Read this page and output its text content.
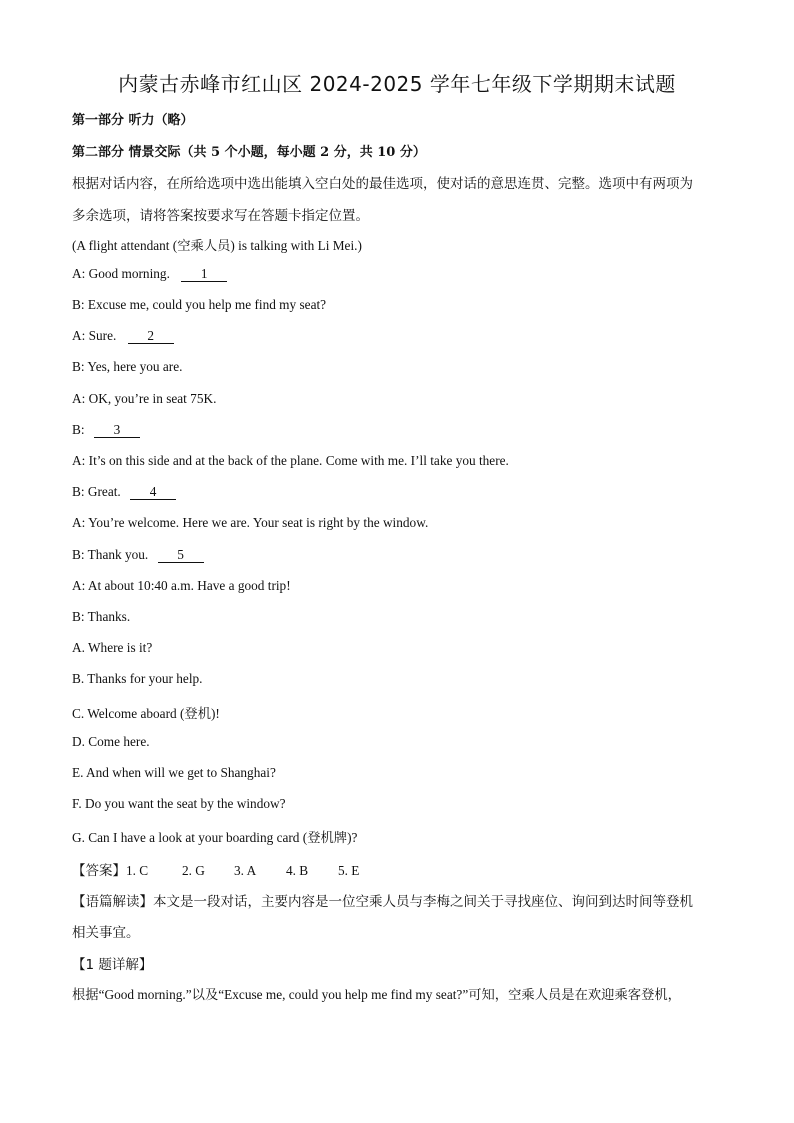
内蒙古赤峰市红山区 2024-2025 学年七年级下学期期末试题
第一部分 听力（略）
第二部分 情景交际（共 5 个小题，每小题 2 分，共 10 分）
根据对话内容，在所给选项中选出能填入空白处的最佳选项，使对话的意思连贯、完整。选项中有两项为
多余选项，请将答案按要求写在答题卡指定位置。
(A flight attendant (空乘人员) is talking with Li Mei.)
A: Good morning. 1
B: Excuse me, could you help me find my seat?
A: Sure. 2
B: Yes, here you are.
A: OK, you’re in seat 75K.
B: 3
A: It’s on this side and at the back of the plane. Come with me. I’ll take you there.
B: Great. 4
A: You’re welcome. Here we are. Your seat is right by the window.
B: Thank you. 5
A: At about 10:40 a.m. Have a good trip!
B: Thanks.
A. Where is it?
B. Thanks for your help.
C. Welcome aboard (登机)!
D. Come here.
E. And when will we get to Shanghai?
F. Do you want the seat by the window?
G. Can I have a look at your boarding card (登机牌)?
【答案】1. C	2. G 3. A 4. B 5. E
【语篇解读】本文是一段对话，主要内容是一位空乘人员与李梅之间关于寻找座位、询问到达时间等登机
相关事宜。
【1 题详解】
根据“Good morning.”以及“Excuse me, could you help me find my seat?”可知，空乘人员是在欢迎乘客登机，
